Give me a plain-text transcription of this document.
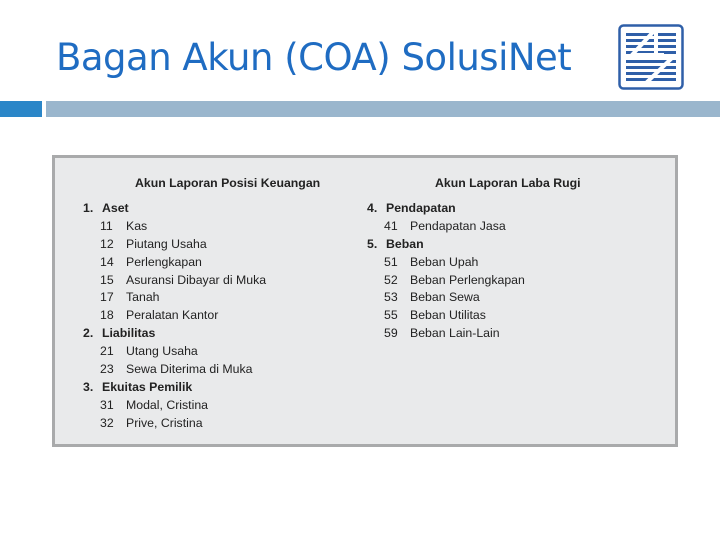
Bagan Akun (COA) SolusiNet
Akun Laporan Posisi Keuangan
1. Aset
11 Kas
12 Piutang Usaha
14 Perlengkapan
15 Asuransi Dibayar di Muka
17 Tanah
18 Peralatan Kantor
2. Liabilitas
21 Utang Usaha
23 Sewa Diterima di Muka
3. Ekuitas Pemilik
31 Modal, Cristina
32 Prive, Cristina
Akun Laporan Laba Rugi
4. Pendapatan
41 Pendapatan Jasa
5. Beban
51 Beban Upah
52 Beban Perlengkapan
53 Beban Sewa
55 Beban Utilitas
59 Beban Lain-Lain
